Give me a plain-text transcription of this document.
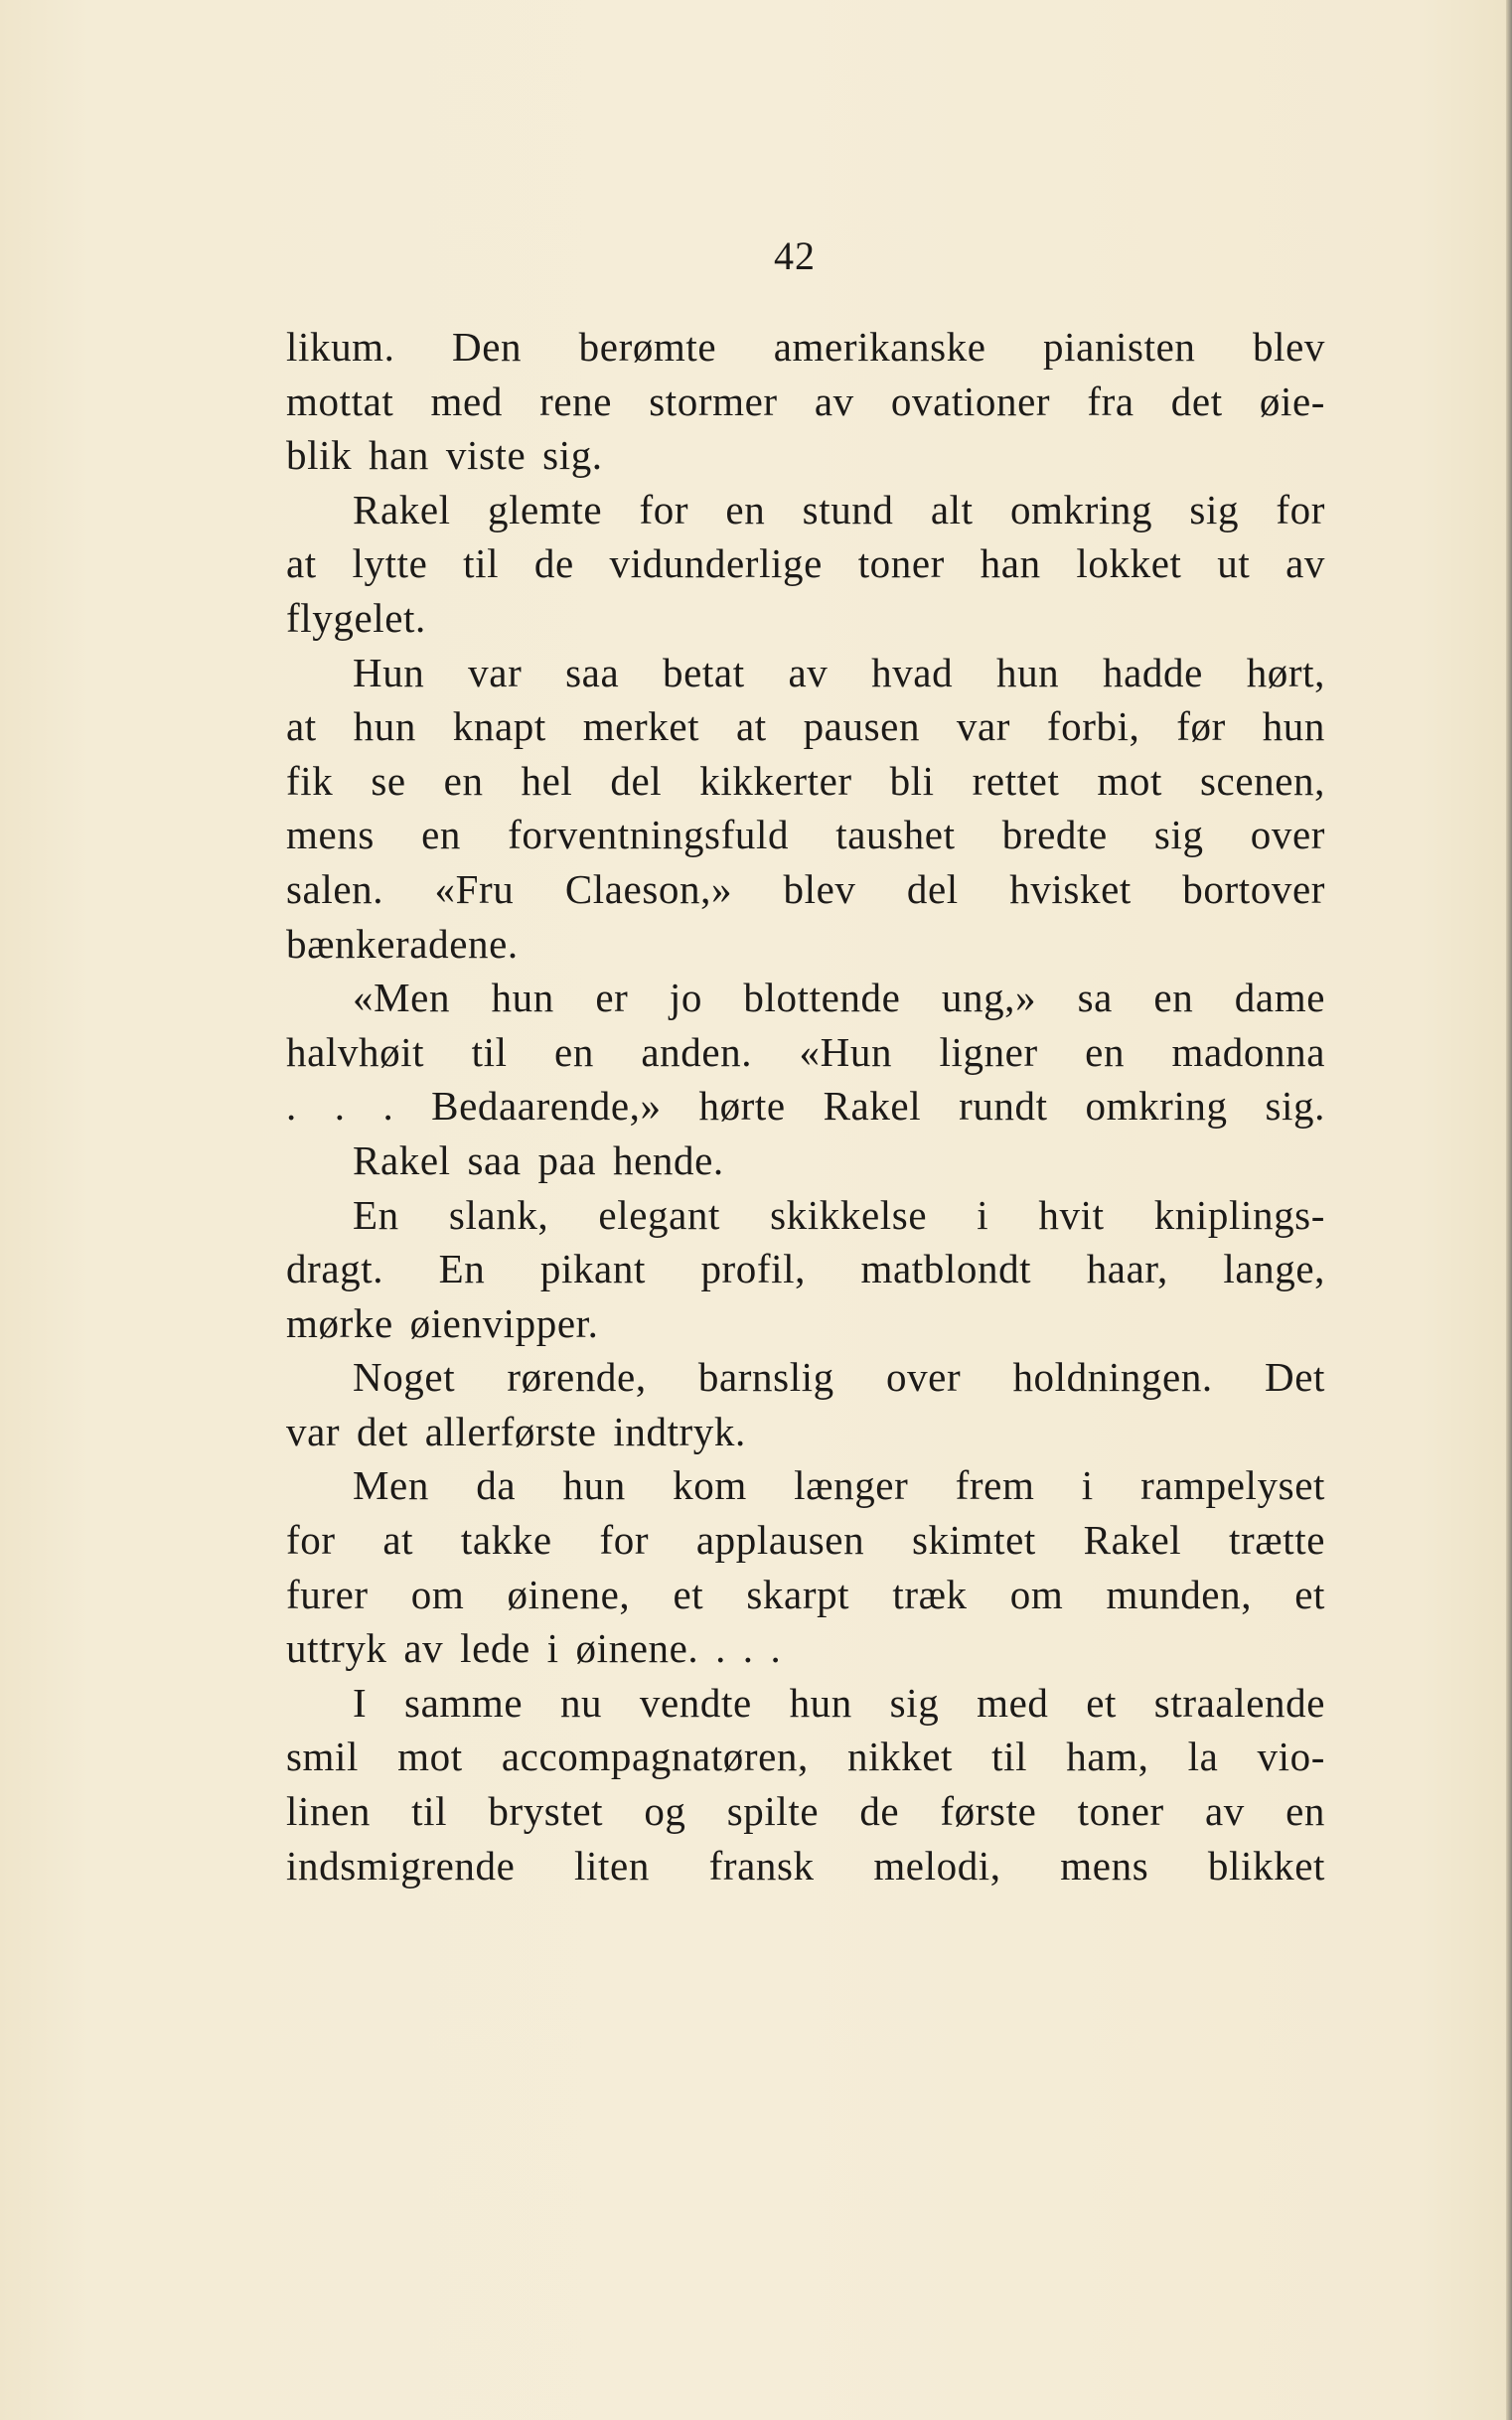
42
likum. Den berømte amerikanske pianisten blev
mottat med rene stormer av ovationer fra det øie-
blik han viste sig.
Rakel glemte for en stund alt omkring sig for
at lytte til de vidunderlige toner han lokket ut av
flygelet.
Hun var saa betat av hvad hun hadde hørt,
at hun knapt merket at pausen var forbi, før hun
fik se en hel del kikkerter bli rettet mot scenen,
mens en forventningsfuld taushet bredte sig over
salen. «Fru Claeson,» blev del hvisket bortover
bænkeradene.
«Men hun er jo blottende ung,» sa en dame
halvhøit til en anden. «Hun ligner en madonna
. . . Bedaarende,» hørte Rakel rundt omkring sig.
Rakel saa paa hende.
En slank, elegant skikkelse i hvit kniplings-
dragt. En pikant profil, matblondt haar, lange,
mørke øienvipper.
Noget rørende, barnslig over holdningen. Det
var det allerførste indtryk.
Men da hun kom længer frem i rampelyset
for at takke for applausen skimtet Rakel trætte
furer om øinene, et skarpt træk om munden, et
uttryk av lede i øinene. . . .
I samme nu vendte hun sig med et straalende
smil mot accompagnatøren, nikket til ham, la vio-
linen til brystet og spilte de første toner av en
indsmigrende liten fransk melodi, mens blikket
